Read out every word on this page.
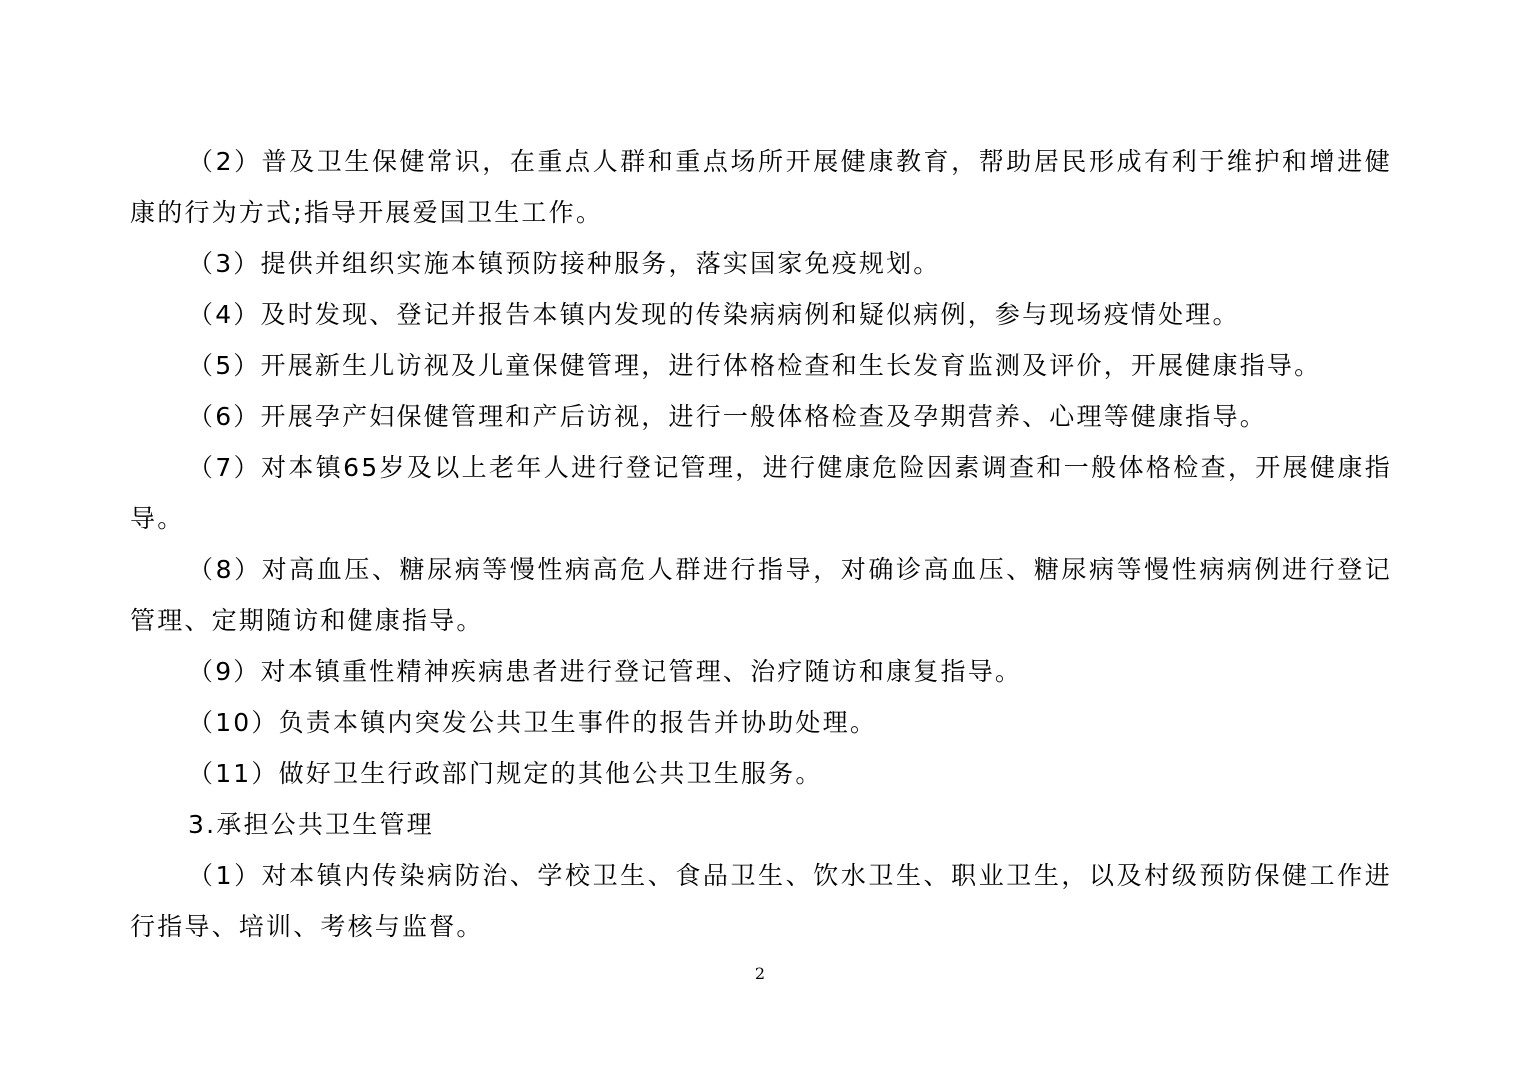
（2）普及卫生保健常识，在重点人群和重点场所开展健康教育，帮助居民形成有利于维护和增进健康的行为方式;指导开展爱国卫生工作。

（3）提供并组织实施本镇预防接种服务，落实国家免疫规划。

（4）及时发现、登记并报告本镇内发现的传染病病例和疑似病例，参与现场疫情处理。

（5）开展新生儿访视及儿童保健管理，进行体格检查和生长发育监测及评价，开展健康指导。

（6）开展孕产妇保健管理和产后访视，进行一般体格检查及孕期营养、心理等健康指导。

（7）对本镇65岁及以上老年人进行登记管理，进行健康危险因素调查和一般体格检查，开展健康指导。

（8）对高血压、糖尿病等慢性病高危人群进行指导，对确诊高血压、糖尿病等慢性病病例进行登记管理、定期随访和健康指导。

（9）对本镇重性精神疾病患者进行登记管理、治疗随访和康复指导。

（10）负责本镇内突发公共卫生事件的报告并协助处理。

（11）做好卫生行政部门规定的其他公共卫生服务。

3.承担公共卫生管理

（1）对本镇内传染病防治、学校卫生、食品卫生、饮水卫生、职业卫生，以及村级预防保健工作进行指导、培训、考核与监督。

2
